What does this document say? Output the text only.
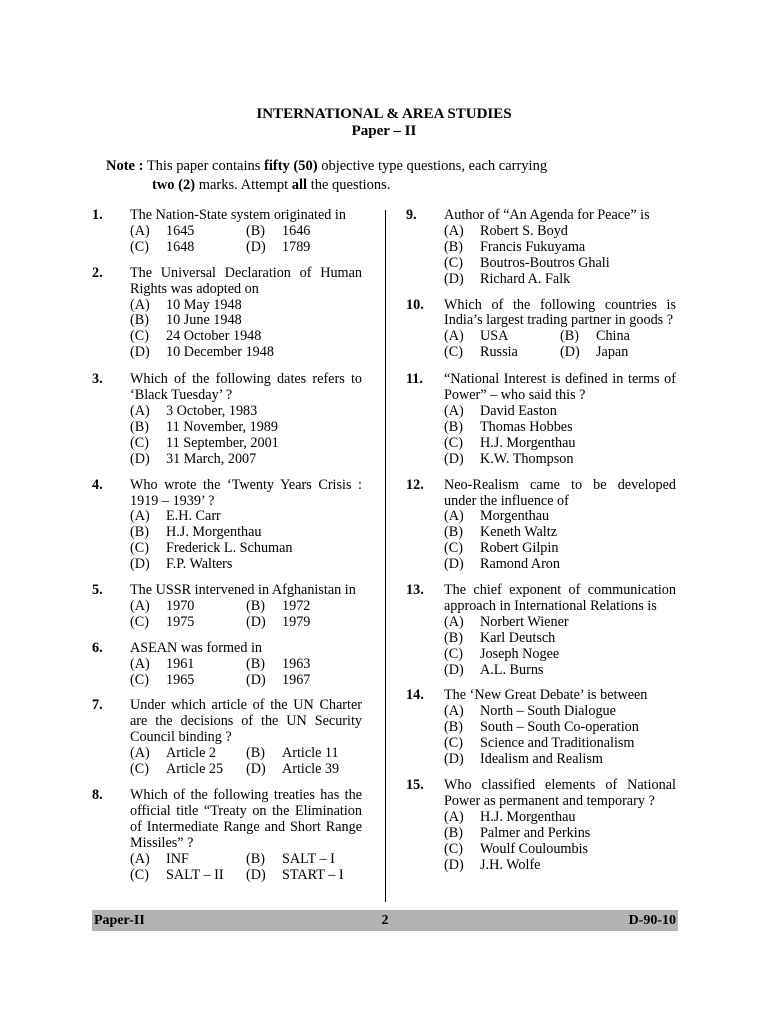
INTERNATIONAL & AREA STUDIES
Paper – II
Note : This paper contains fifty (50) objective type questions, each carrying
two (2) marks. Attempt all the questions.
1. The Nation-State system originated in
(A)	1645	(B)	1646
(C)	1648	(D)	1789
2. The Universal Declaration of Human Rights was adopted on
(A)	10 May 1948
(B)	10 June 1948
(C)	24 October 1948
(D)	10 December 1948
3. Which of the following dates refers to ‘Black Tuesday’ ?
(A)	3 October, 1983
(B)	11 November, 1989
(C)	11 September, 2001
(D)	31 March, 2007
4. Who wrote the ‘Twenty Years Crisis : 1919 – 1939’ ?
(A)	E.H. Carr
(B)	H.J. Morgenthau
(C)	Frederick L. Schuman
(D)	F.P. Walters
5. The USSR intervened in Afghanistan in
(A)	1970	(B)	1972
(C)	1975	(D)	1979
6. ASEAN was formed in
(A)	1961	(B)	1963
(C)	1965	(D)	1967
7. Under which article of the UN Charter are the decisions of the UN Security Council binding ?
(A)	Article 2 (B)	Article 11
(C)	Article 25 (D)	Article 39
8. Which of the following treaties has the official title “Treaty on the Elimination of Intermediate Range and Short Range Missiles” ?
(A)	INF	(B)	SALT – I
(C)	SALT – II (D)	START – I
9. Author of “An Agenda for Peace” is
(A)	Robert S. Boyd
(B)	Francis Fukuyama
(C)	Boutros-Boutros Ghali
(D)	Richard A. Falk
10. Which of the following countries is India’s largest trading partner in goods ?
(A)	USA	(B)	China
(C)	Russia	(D)	Japan
11. “National Interest is defined in terms of Power” – who said this ?
(A)	David Easton
(B)	Thomas Hobbes
(C)	H.J. Morgenthau
(D)	K.W. Thompson
12. Neo-Realism came to be developed under the influence of
(A)	Morgenthau
(B)	Keneth Waltz
(C)	Robert Gilpin
(D)	Ramond Aron
13. The chief exponent of communication approach in International Relations is
(A)	Norbert Wiener
(B)	Karl Deutsch
(C)	Joseph Nogee
(D)	A.L. Burns
14. The ‘New Great Debate’ is between
(A)	North – South Dialogue
(B)	South – South Co-operation
(C)	Science and Traditionalism
(D)	Idealism and Realism
15. Who classified elements of National Power as permanent and temporary ?
(A)	H.J. Morgenthau
(B)	Palmer and Perkins
(C)	Woulf Couloumbis
(D)	J.H. Wolfe
Paper-II	2	D-90-10
